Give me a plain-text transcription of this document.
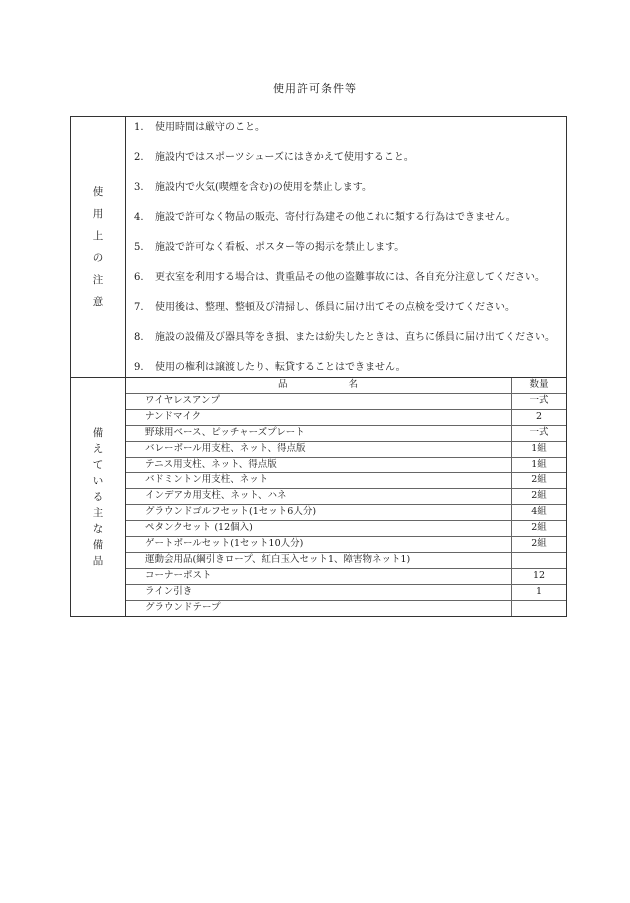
使用許可条件等
使
用
上
の
注
意

1. 使用時間は厳守のこと。
2. 施設内ではスポーツシューズにはきかえて使用すること。
3. 施設内で火気(喫煙を含む)の使用を禁止します。
4. 施設で許可なく物品の販売、寄付行為建その他これに類する行為はできません。
5. 施設で許可なく看板、ポスター等の掲示を禁止します。
6. 更衣室を利用する場合は、貴重品その他の盗難事故には、各自充分注意してください。
7. 使用後は、整理、整頓及び清掃し、係員に届け出てその点検を受けてください。
8. 施設の設備及び器具等をき損、または紛失したときは、直ちに係員に届け出てください。
9. 使用の権利は譲渡したり、転貸することはできません。

備
え
て
い
る
主
な
備
品

品	名	数量
ワイヤレスアンプ	一式
ナンドマイク	2
野球用ベース、ピッチャーズプレート	一式
バレーボール用支柱、ネット、得点版	1組
テニス用支柱、ネット、得点版	1組
バドミントン用支柱、ネット	2組
インデアカ用支柱、ネット、ハネ	2組
グラウンドゴルフセット(1セット6人分)	4組
ペタンクセット (12個入)	2組
ゲートボールセット(1セット10人分)	2組
運動会用品(綱引きロープ、紅白玉入セット1、障害物ネット1)	
コーナーポスト	12
ライン引き	1
グラウンドテープ	
